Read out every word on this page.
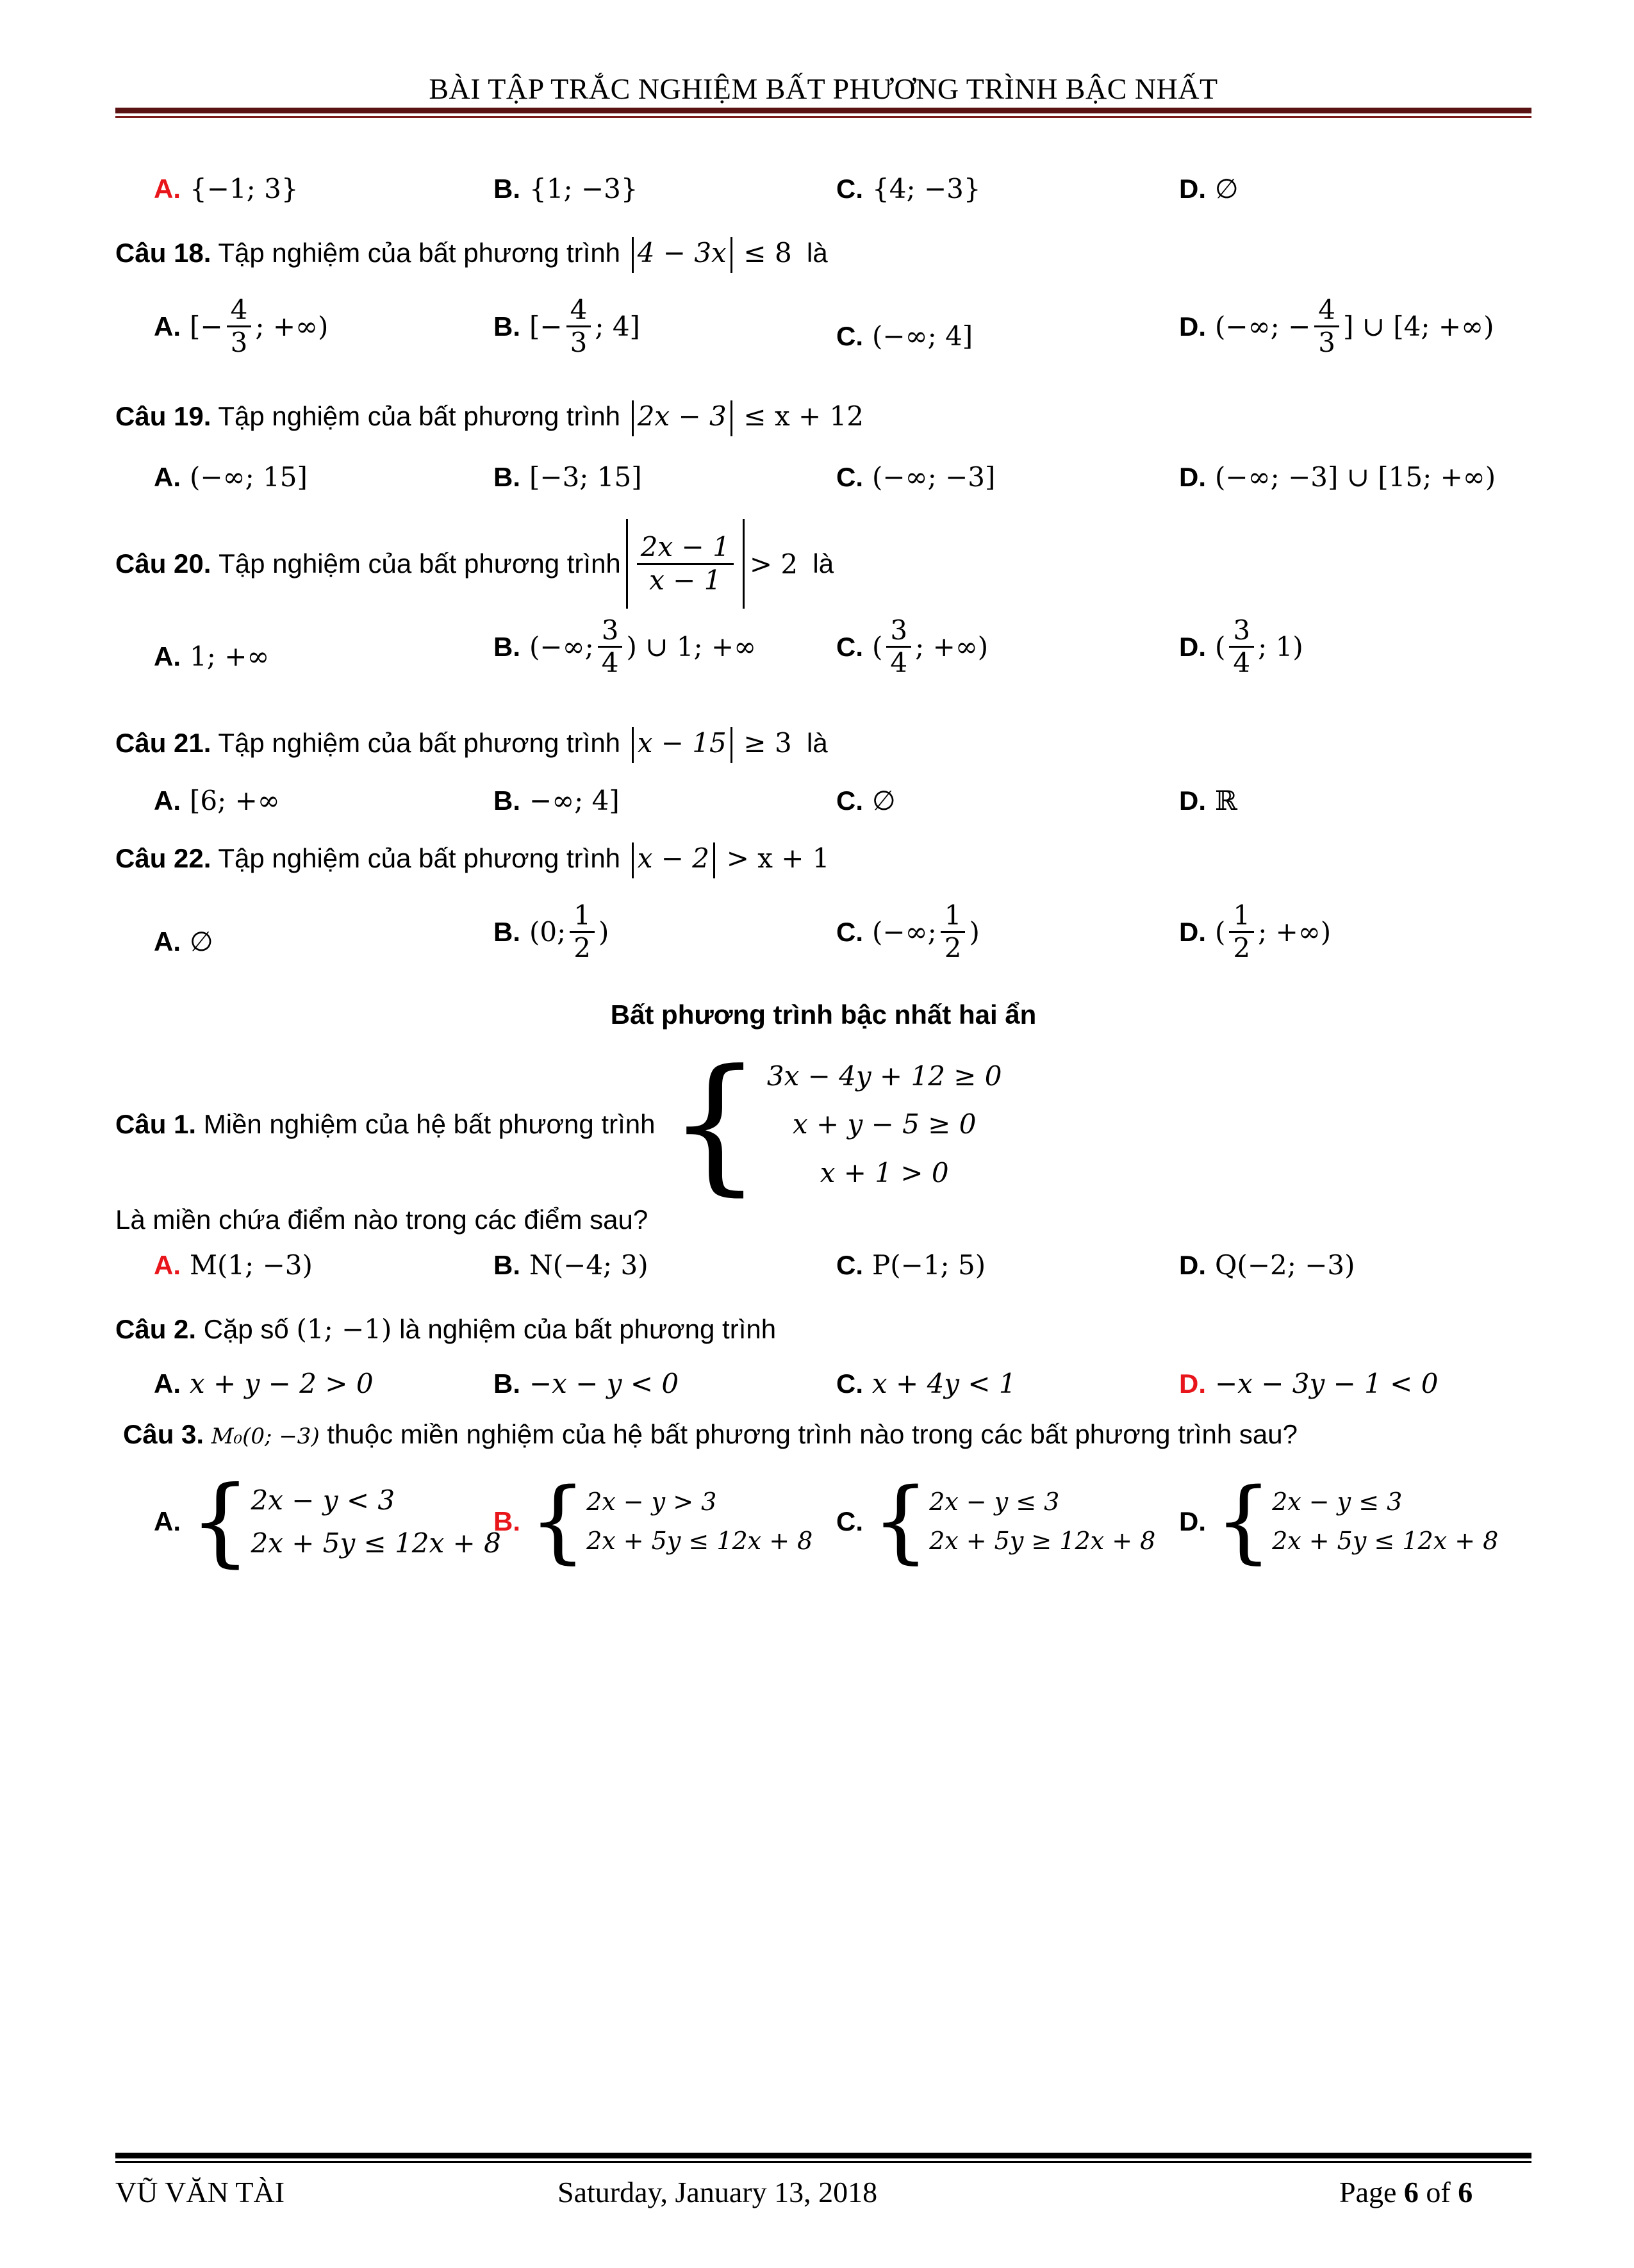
BÀI TẬP TRẮC NGHIỆM BẤT PHƯƠNG TRÌNH BẬC NHẤT
A. {−1; 3}	B. {1; −3}	C. {4; −3}	D. ∅
Câu 18. Tập nghiệm của bất phương trình 4 − 3x ≤ 8 là
A. [− $\frac{4}{3}$ ; +∞)	B. [− $\frac{4}{3}$ ; 4]	C. (−∞; 4]	D. (−∞; − $\frac{4}{3}$ ] ∪ [4; +∞)
Câu 19. Tập nghiệm của bất phương trình 2x − 3 ≤ x + 12
A. (−∞; 15]	B. [−3; 15]	C. (−∞; −3]	D. (−∞; −3] ∪ [15; +∞)
Câu 20.
Tập nghiệm của bất phương trình $\frac{2x - 1}{x - 1} > 2$
là
A. 1; +∞	B. (−∞; $\frac{3}{4}$ ) ∪ 1; +∞	C. ( $\frac{3}{4}$ ; +∞)	D. ( $\frac{3}{4}$ ; 1)
Câu 21. Tập nghiệm của bất phương trình x − 15 ≥ 3 là
A. [6; +∞	B. −∞; 4]	C. ∅	D. ℝ
Câu 22. Tập nghiệm của bất phương trình x − 2 > x + 1
A. ∅	B. (0; $\frac{1}{2}$ )	C. (−∞; $\frac{1}{2}$ )	D. ( $\frac{1}{2}$ ; +∞)
Bất phương trình bậc nhất hai ẩn
Câu 1.
Miền nghiệm của hệ bất phương trình { 3x − 4y + 12 ≥ 0
x + y − 5 ≥ 0
x + 1 > 0
Là miền chứa điểm nào trong các điểm sau?
A. M(1; −3)	B. N(−4; 3)	C. P(−1; 5)	D. Q(−2; −3)
Câu 2. Cặp số (1; −1) là nghiệm của bất phương trình
A. x + y − 2 > 0	B. −x − y < 0	C. x + 4y < 1	D. −x − 3y − 1 < 0
Câu 3. M₀(0; −3) thuộc miền nghiệm của hệ bất phương trình nào trong các bất phương trình sau?
A. { 2x − y < 3
2x + 5y ≤ 12x + 8
B. { 2x − y > 3
2x + 5y ≤ 12x + 8
C. { 2x − y ≤ 3
2x + 5y ≥ 12x + 8
D. { 2x − y ≤ 3
2x + 5y ≤ 12x + 8
VŨ VĂN TÀI	Saturday, January 13, 2018	Page 6 of 6
